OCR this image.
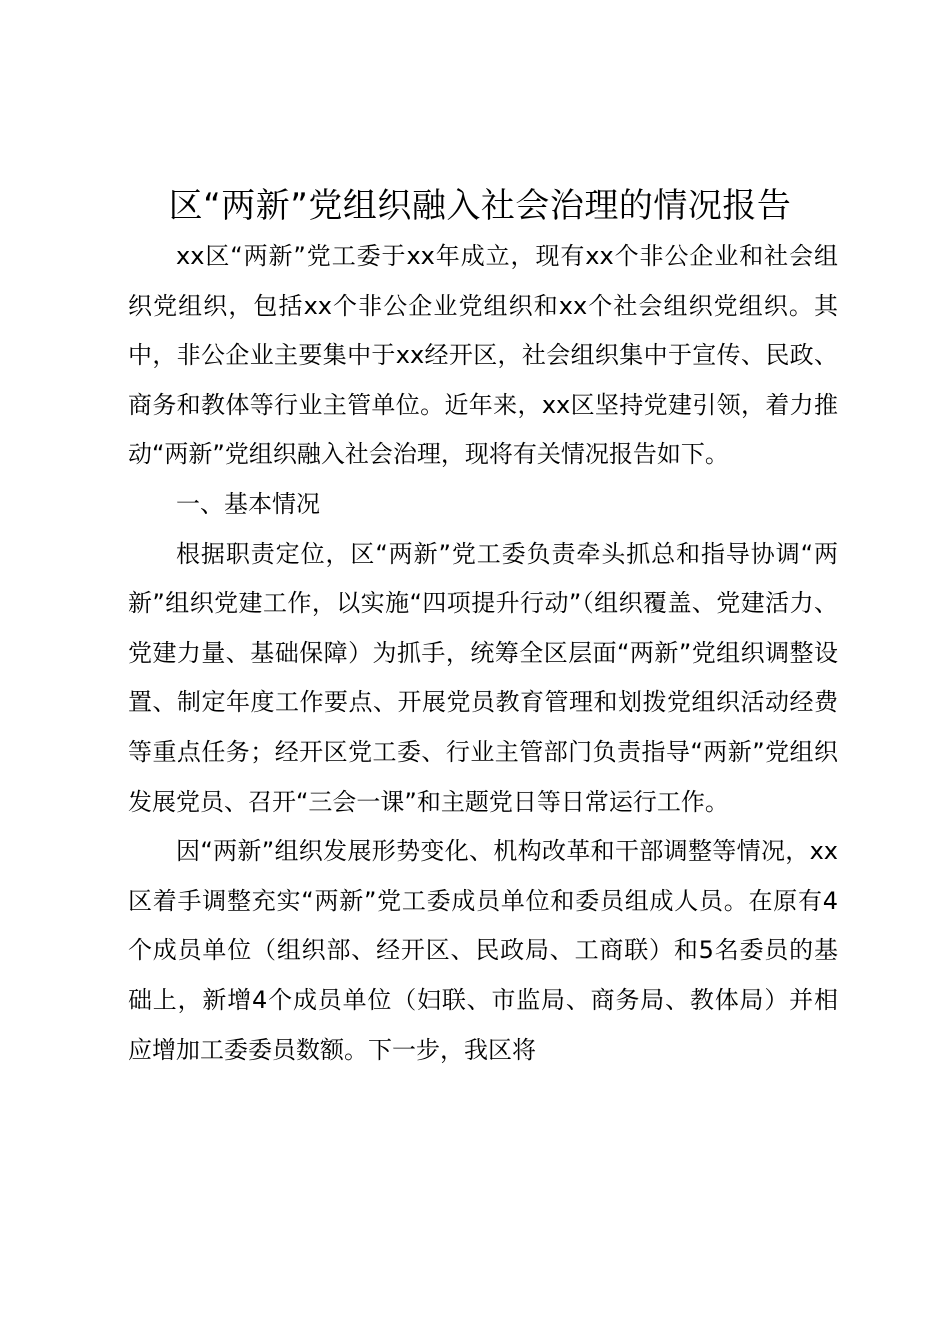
区“两新”党组织融入社会治理的情况报告

xx区“两新”党工委于xx年成立，现有xx个非公企业和社会组织党组织，包括xx个非公企业党组织和xx个社会组织党组织。其中，非公企业主要集中于xx经开区，社会组织集中于宣传、民政、商务和教体等行业主管单位。近年来，xx区坚持党建引领，着力推动“两新”党组织融入社会治理，现将有关情况报告如下。

一、基本情况

根据职责定位，区“两新”党工委负责牵头抓总和指导协调“两新”组织党建工作，以实施“四项提升行动”（组织覆盖、党建活力、党建力量、基础保障）为抓手，统筹全区层面“两新”党组织调整设置、制定年度工作要点、开展党员教育管理和划拨党组织活动经费等重点任务；经开区党工委、行业主管部门负责指导“两新”党组织发展党员、召开“三会一课”和主题党日等日常运行工作。

因“两新”组织发展形势变化、机构改革和干部调整等情况，xx区着手调整充实“两新”党工委成员单位和委员组成人员。在原有4个成员单位（组织部、经开区、民政局、工商联）和5名委员的基础上，新增4个成员单位（妇联、市监局、商务局、教体局）并相应增加工委委员数额。下一步，我区将
